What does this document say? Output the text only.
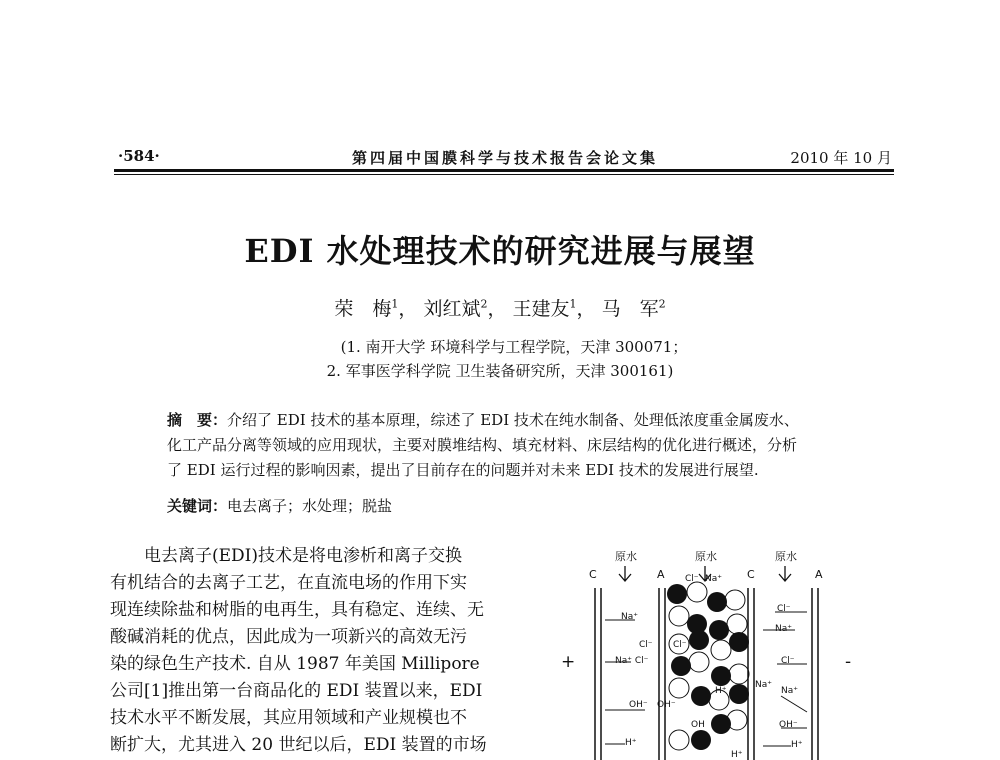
·584·	第四届中国膜科学与技术报告会论文集	2010 年 10 月
EDI 水处理技术的研究进展与展望
荣　梅$^1$， 刘红斌$^2$， 王建友$^1$， 马　军$^2$
(1. 南开大学 环境科学与工程学院，天津 300071；
2. 军事医学科学院 卫生装备研究所，天津 300161)
摘　要：介绍了 EDI 技术的基本原理，综述了 EDI 技术在纯水制备、处理低浓度重金属废水、
化工产品分离等领域的应用现状，主要对膜堆结构、填充材料、床层结构的优化进行概述，分析
了 EDI 运行过程的影响因素，提出了目前存在的问题并对未来 EDI 技术的发展进行展望.
关键词：电去离子；水处理；脱盐
电去离子(EDI)技术是将电渗析和离子交换
有机结合的去离子工艺，在直流电场的作用下实
现连续除盐和树脂的电再生，具有稳定、连续、无
酸碱消耗的优点，因此成为一项新兴的高效无污
染的绿色生产技术. 自从 1987 年美国 Millipore
公司[1]推出第一台商品化的 EDI 装置以来，EDI
技术水平不断发展，其应用领域和产业规模也不
断扩大，尤其进入 20 世纪以后，EDI 装置的市场
原水	原水	原水
C	A	C	A
+	-
Na⁺
Na⁺ Cl⁻
Cl⁻
OH⁻
H⁺
Cl⁻ Na⁺
Cl⁻
OH⁻
H⁺
OH
H⁺
Cl⁻
Na⁺
Cl⁻
Na⁺
Na⁺
OH⁻
H⁺
